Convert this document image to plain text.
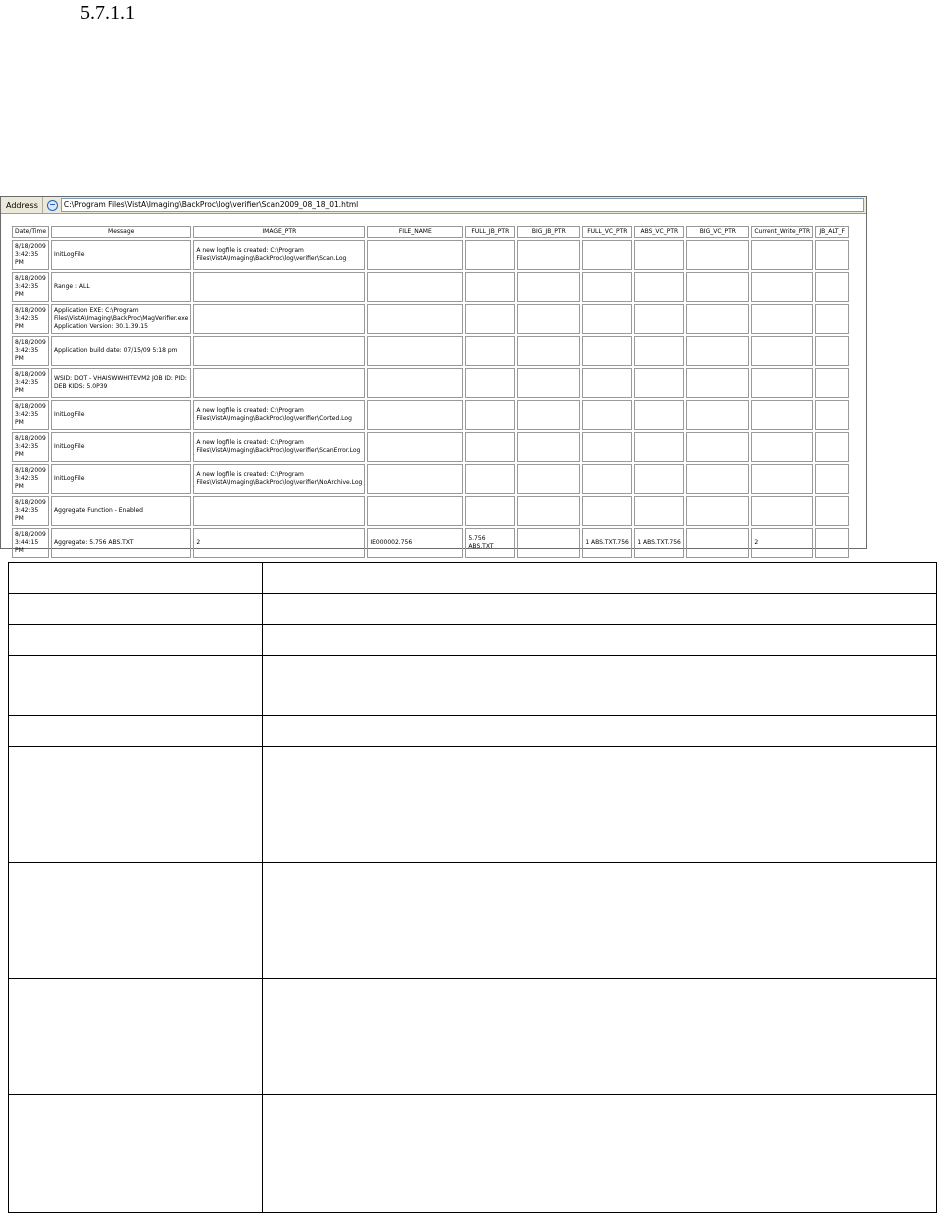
5.7.1.1
Address	C:\Program Files\VistA\Imaging\BackProc\log\verifier\Scan2009_08_18_01.html
Date/Time	Message	IMAGE_PTR	FILE_NAME	FULL_JB_PTR	BIG_JB_PTR	FULL_VC_PTR	ABS_VC_PTR	BIG_VC_PTR	Current_Write_PTR	JB_ALT_F
8/18/2009 3:42:35 PM	InitLogFile	A new logfile is created: C:\Program Files\VistA\Imaging\BackProc\log\verifier\Scan.Log								
8/18/2009 3:42:35 PM	Range : ALL									
8/18/2009 3:42:35 PM	Application EXE: C:\Program Files\VistA\Imaging\BackProc\MagVerifier.exe Application Version: 30.1.39.15									
8/18/2009 3:42:35 PM	Application build date: 07/15/09 5:18 pm									
8/18/2009 3:42:35 PM	WSID: DOT - VHAISWWHITEVM2 JOB ID: PID: DEB KIDS: 5.0P39									
8/18/2009 3:42:35 PM	InitLogFile	A new logfile is created: C:\Program Files\VistA\Imaging\BackProc\log\verifier\Corted.Log								
8/18/2009 3:42:35 PM	InitLogFile	A new logfile is created: C:\Program Files\VistA\Imaging\BackProc\log\verifier\ScanError.Log								
8/18/2009 3:42:35 PM	InitLogFile	A new logfile is created: C:\Program Files\VistA\Imaging\BackProc\log\verifier\NoArchive.Log								
8/18/2009 3:42:35 PM	Aggregate Function - Enabled									
8/18/2009 3:44:15 PM	Aggregate: 5.756 ABS.TXT	2	IE000002.756	5.756 ABS.TXT		1 ABS.TXT.756	1 ABS.TXT.756		2	
